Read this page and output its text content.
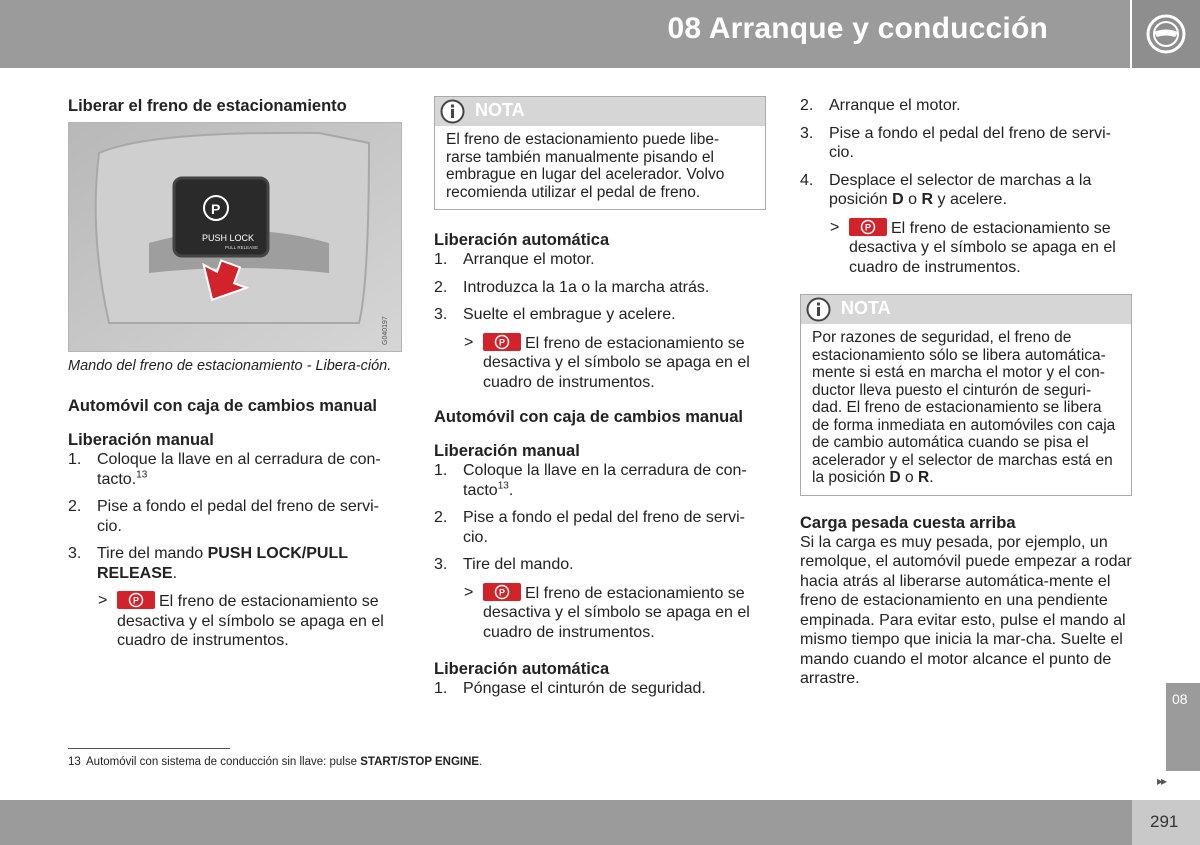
08 Arranque y conducción
Liberar el freno de estacionamiento
P
PUSH LOCK
PULL RELEASE
G040197
Mando del freno de estacionamiento - Libera-ción.
Automóvil con caja de cambios manual
Liberación manual
1. Coloque la llave en al cerradura de con-tacto.$^{13}$
2. Pise a fondo el pedal del freno de servi-cio.
3. Tire del mando PUSH LOCK/PULL RELEASE.
>	P El freno de estacionamiento se desactiva y el símbolo se apaga en el cuadro de instrumentos.
NOTA
El freno de estacionamiento puede libe-rarse también manualmente pisando el embrague en lugar del acelerador. Volvo recomienda utilizar el pedal de freno.
Liberación automática
1. Arranque el motor.
2. Introduzca la 1a o la marcha atrás.
3. Suelte el embrague y acelere.
>	P El freno de estacionamiento se desactiva y el símbolo se apaga en el cuadro de instrumentos.
Automóvil con caja de cambios manual
Liberación manual
1. Coloque la llave en la cerradura de con-tacto$^{13}$.
2. Pise a fondo el pedal del freno de servi-cio.
3. Tire del mando.
>	P El freno de estacionamiento se desactiva y el símbolo se apaga en el cuadro de instrumentos.
Liberación automática
1. Póngase el cinturón de seguridad.
2. Arranque el motor.
3. Pise a fondo el pedal del freno de servi-cio.
4. Desplace el selector de marchas a la posición D o R y acelere.
>	P El freno de estacionamiento se desactiva y el símbolo se apaga en el cuadro de instrumentos.
NOTA
Por razones de seguridad, el freno de estacionamiento sólo se libera automática-mente si está en marcha el motor y el con-ductor lleva puesto el cinturón de seguri-dad. El freno de estacionamiento se libera de forma inmediata en automóviles con caja de cambio automática cuando se pisa el acelerador y el selector de marchas está en la posición D o R.
Carga pesada cuesta arriba

Si la carga es muy pesada, por ejemplo, un remolque, el automóvil puede empezar a rodar hacia atrás al liberarse automática-mente el freno de estacionamiento en una pendiente empinada. Para evitar esto, pulse el mando al mismo tiempo que inicia la mar-cha. Suelte el mando cuando el motor alcance el punto de arrastre.

13 Automóvil con sistema de conducción sin llave: pulse START/STOP ENGINE.
08
▸▸
291
